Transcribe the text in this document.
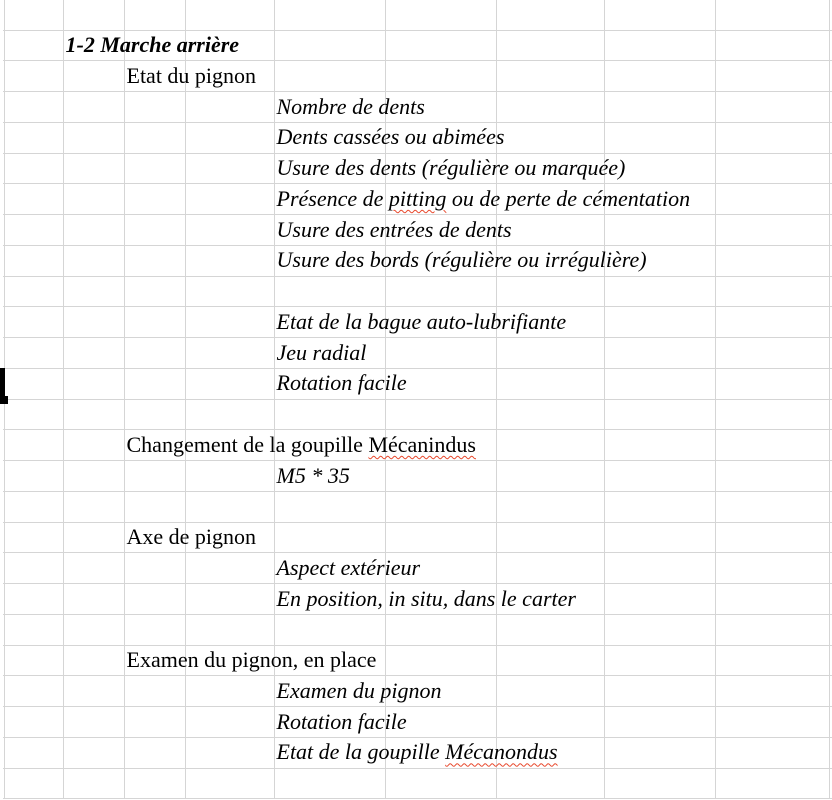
1-2 Marche arrière
Etat du pignon
Nombre de dents
Dents cassées ou abimées
Usure des dents (régulière ou marquée)
Présence de pitting ou de perte de cémentation
Usure des entrées de dents
Usure des bords (régulière ou irrégulière)
Etat de la bague auto-lubrifiante
Jeu radial
Rotation facile
Changement de la goupille Mécanindus
M5 * 35
Axe de pignon
Aspect extérieur
En position, in situ, dans le carter
Examen du pignon, en place
Examen du pignon
Rotation facile
Etat de la goupille Mécanondus
